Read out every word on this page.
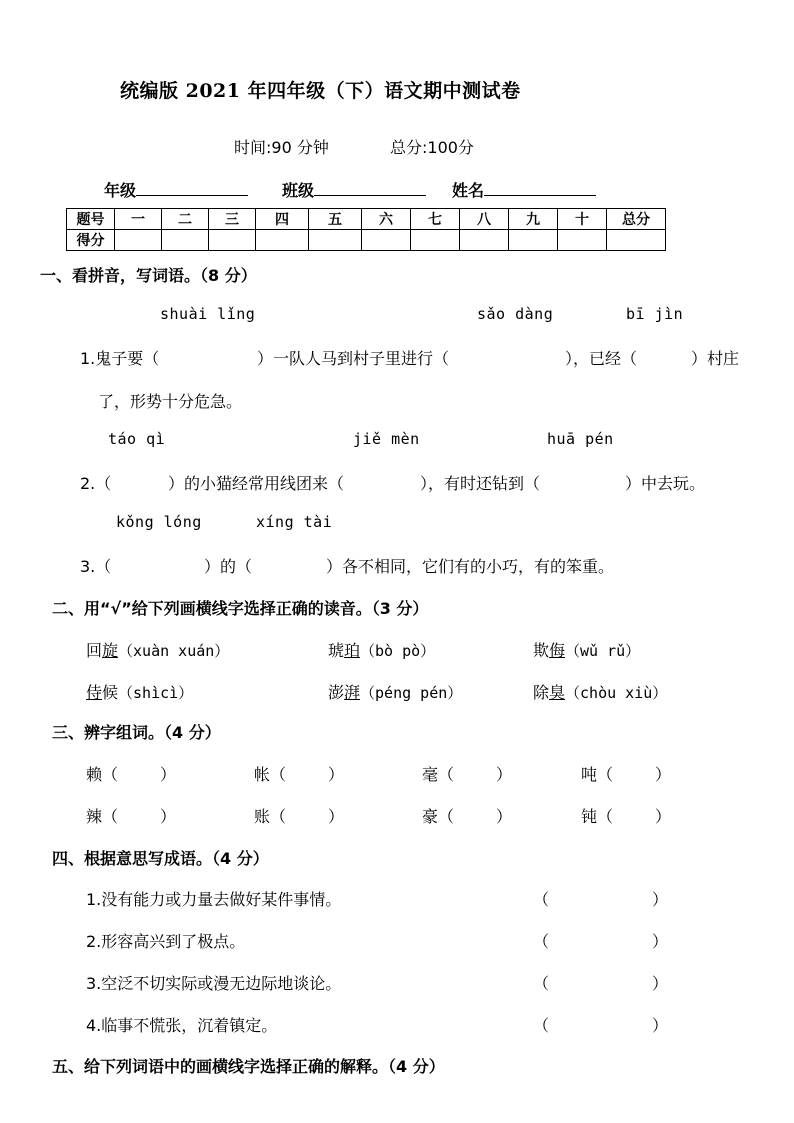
统编版 2021 年四年级（下）语文期中测试卷
时间:90 分钟	总分:100分
年级	班级	姓名
题号	一	二	三	四	五	六	七	八	九	十	总分
得分											
一、看拼音，写词语。（8 分）
shuài lǐng	sǎo dàng	bī jìn
1.鬼子要（	）一队人马到村子里进行（	），已经（	）村庄
了，形势十分危急。
táo qì	jiě mèn	huā pén
2.（	）的小猫经常用线团来（	），有时还钻到（	）中去玩。
kǒng lóng	xíng tài
3.（	）的（	）各不相同，它们有的小巧，有的笨重。
二、用“√”给下列画横线字选择正确的读音。（3 分）
回旋（xuàn xuán）	琥珀（bò pò）	欺侮（wǔ rǔ）
侍候（shìcì）	澎湃（péng pén）	除臭（chòu xiù）
三、辨字组词。（4 分）
赖（	）	帐（	）	毫（	）	吨（	）
辣（	）	账（	）	豪（	）	钝（	）
四、根据意思写成语。（4 分）
1.没有能力或力量去做好某件事情。	（	）
2.形容高兴到了极点。	（	）
3.空泛不切实际或漫无边际地谈论。	（	）
4.临事不慌张，沉着镇定。	（	）
五、给下列词语中的画横线字选择正确的解释。（4 分）
